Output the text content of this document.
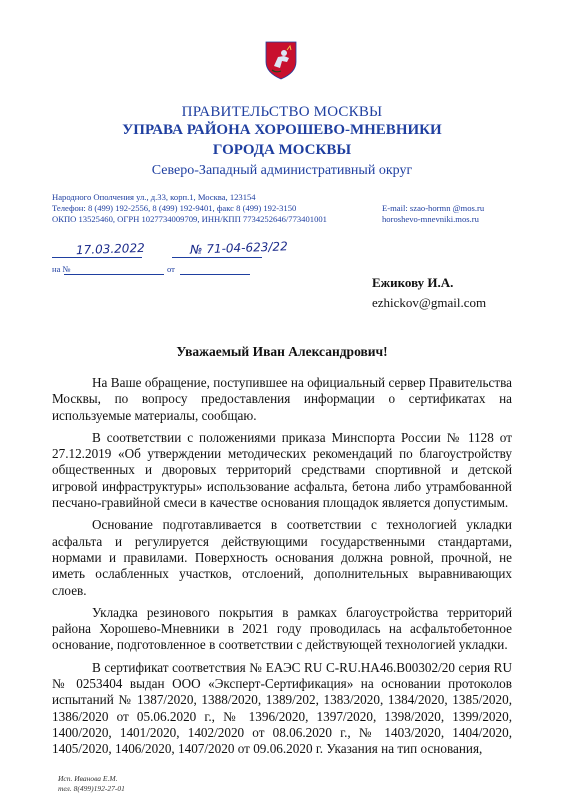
ПРАВИТЕЛЬСТВО МОСКВЫ
УПРАВА РАЙОНА ХОРОШЕВО-МНЕВНИКИ
ГОРОДА МОСКВЫ
Северо-Западный административный округ
Народного Ополчения ул., д.33, корп.1, Москва, 123154
Телефон: 8 (499) 192-2556, 8 (499) 192-9401, факс 8 (499) 192-3150	E-mail: szao-hormn @mos.ru
ОКПО 13525460, ОГРН 1027734009709, ИНН/КПП 7734252646/773401001	horoshevo-mnevniki.mos.ru
17.03.2022	№ 71-04-623/22
на №	от
Ежикову И.А.
ezhickov@gmail.com
Уважаемый Иван Александрович!

На Ваше обращение, поступившее на официальный сервер Правительства Москвы, по вопросу предоставления информации о сертификатах на используемые материалы, сообщаю.

В соответствии с положениями приказа Минспорта России № 1128 от 27.12.2019 «Об утверждении методических рекомендаций по благоустройству общественных и дворовых территорий средствами спортивной и детской игровой инфраструктуры» использование асфальта, бетона либо утрамбованной песчано-гравийной смеси в качестве основания площадок является допустимым.

Основание подготавливается в соответствии с технологией укладки асфальта и регулируется действующими государственными стандартами, нормами и правилами. Поверхность основания должна ровной, прочной, не иметь ослабленных участков, отслоений, дополнительных выравнивающих слоев.

Укладка резинового покрытия в рамках благоустройства территорий района Хорошево-Мневники в 2021 году проводилась на асфальтобетонное основание, подготовленное в соответствии с действующей технологией укладки.

В сертификат соответствия № ЕАЭС RU C-RU.HA46.B00302/20 серия RU № 0253404 выдан ООО «Эксперт-Сертификация» на основании протоколов испытаний № 1387/2020, 1388/2020, 1389/202, 1383/2020, 1384/2020, 1385/2020, 1386/2020 от 05.06.2020 г., № 1396/2020, 1397/2020, 1398/2020, 1399/2020, 1400/2020, 1401/2020, 1402/2020 от 08.06.2020 г., № 1403/2020, 1404/2020, 1405/2020, 1406/2020, 1407/2020 от 09.06.2020 г. Указания на тип основания,

Исп. Иванова Е.М.
тел. 8(499)192-27-01
